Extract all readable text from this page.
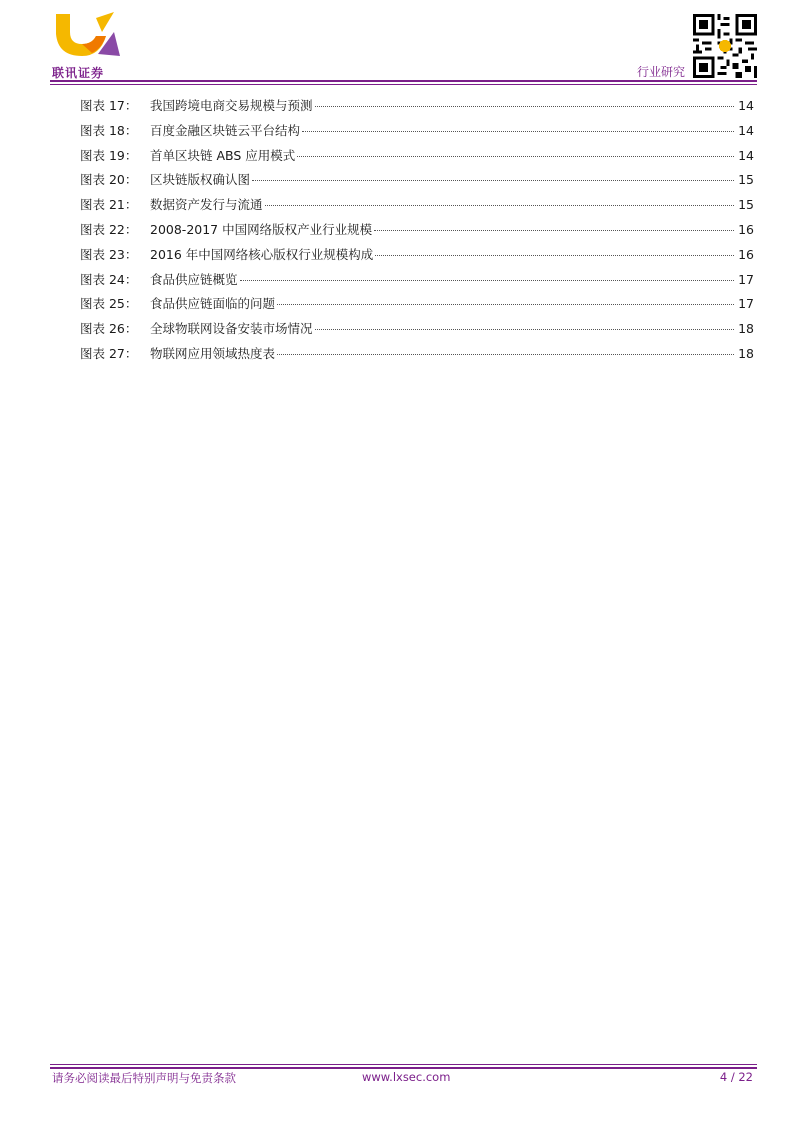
联讯证券	行业研究
图表 17：	我国跨境电商交易规模与预测	14
图表 18：	百度金融区块链云平台结构	14
图表 19：	首单区块链 ABS 应用模式	14
图表 20：	区块链版权确认图	15
图表 21：	数据资产发行与流通	15
图表 22：	2008-2017 中国网络版权产业行业规模	16
图表 23：	2016 年中国网络核心版权行业规模构成	16
图表 24：	食品供应链概览	17
图表 25：	食品供应链面临的问题	17
图表 26：	全球物联网设备安装市场情况	18
图表 27：	物联网应用领域热度表	18
请务必阅读最后特别声明与免责条款	www.lxsec.com	4 / 22
